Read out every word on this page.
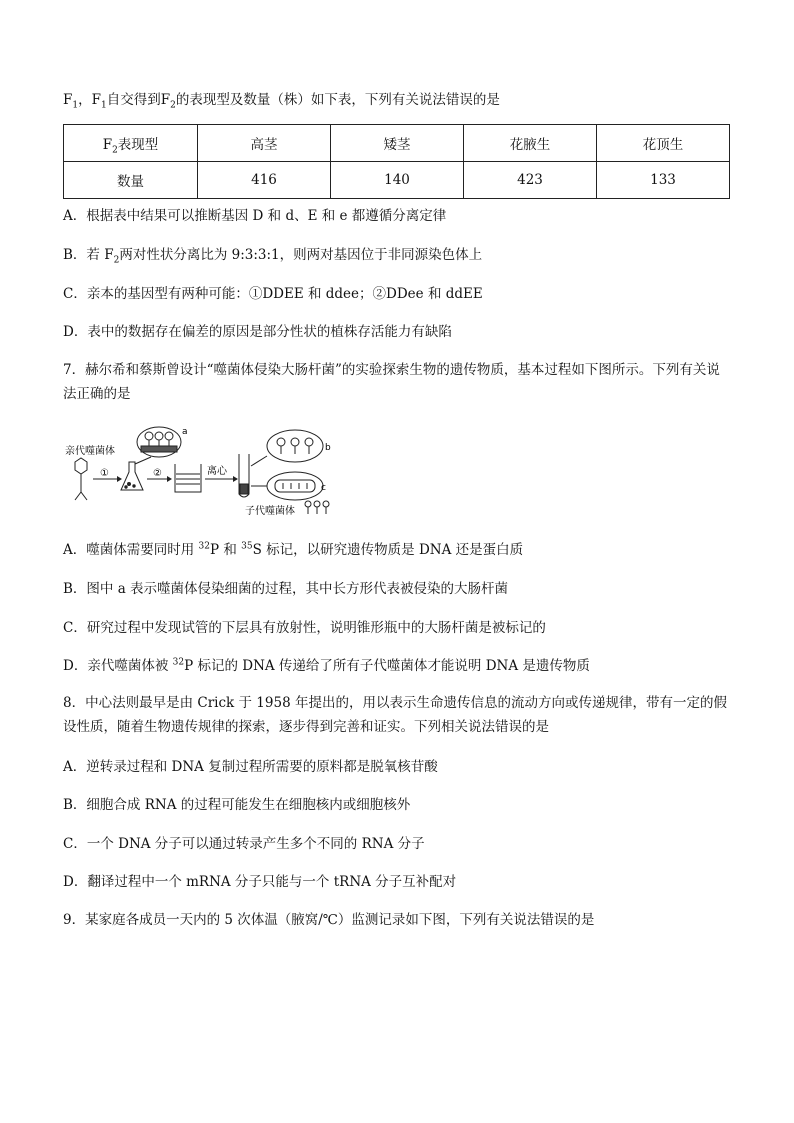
$F_1$，$F_1$自交得到$F_2$的表现型及数量（株）如下表，下列有关说法错误的是
$F_2$表现型	高茎	矮茎	花腋生	花顶生
数量	416	140	423	133
A．根据表中结果可以推断基因 D 和 d、E 和 e 都遵循分离定律
B．若 $F_2$两对性状分离比为 9:3:3:1，则两对基因位于非同源染色体上
C．亲本的基因型有两种可能：①DDEE 和 ddee；②DDee 和 ddEE
D．表中的数据存在偏差的原因是部分性状的植株存活能力有缺陷
7．赫尔希和蔡斯曾设计“噬菌体侵染大肠杆菌”的实验探索生物的遗传物质，基本过程如下图所示。下列有关说法正确的是
亲代噬菌体
①	②
a
离心
b
c
子代噬菌体
A．噬菌体需要同时用 $^{32}$P 和 $^{35}$S 标记，以研究遗传物质是 DNA 还是蛋白质
B．图中 a 表示噬菌体侵染细菌的过程，其中长方形代表被侵染的大肠杆菌
C．研究过程中发现试管的下层具有放射性，说明锥形瓶中的大肠杆菌是被标记的
D．亲代噬菌体被 $^{32}$P 标记的 DNA 传递给了所有子代噬菌体才能说明 DNA 是遗传物质
8．中心法则最早是由 Crick 于 1958 年提出的，用以表示生命遗传信息的流动方向或传递规律，带有一定的假设性质，随着生物遗传规律的探索，逐步得到完善和证实。下列相关说法错误的是
A．逆转录过程和 DNA 复制过程所需要的原料都是脱氧核苷酸
B．细胞合成 RNA 的过程可能发生在细胞核内或细胞核外
C．一个 DNA 分子可以通过转录产生多个不同的 RNA 分子
D．翻译过程中一个 mRNA 分子只能与一个 tRNA 分子互补配对
9．某家庭各成员一天内的 5 次体温（腋窝/℃）监测记录如下图，下列有关说法错误的是
